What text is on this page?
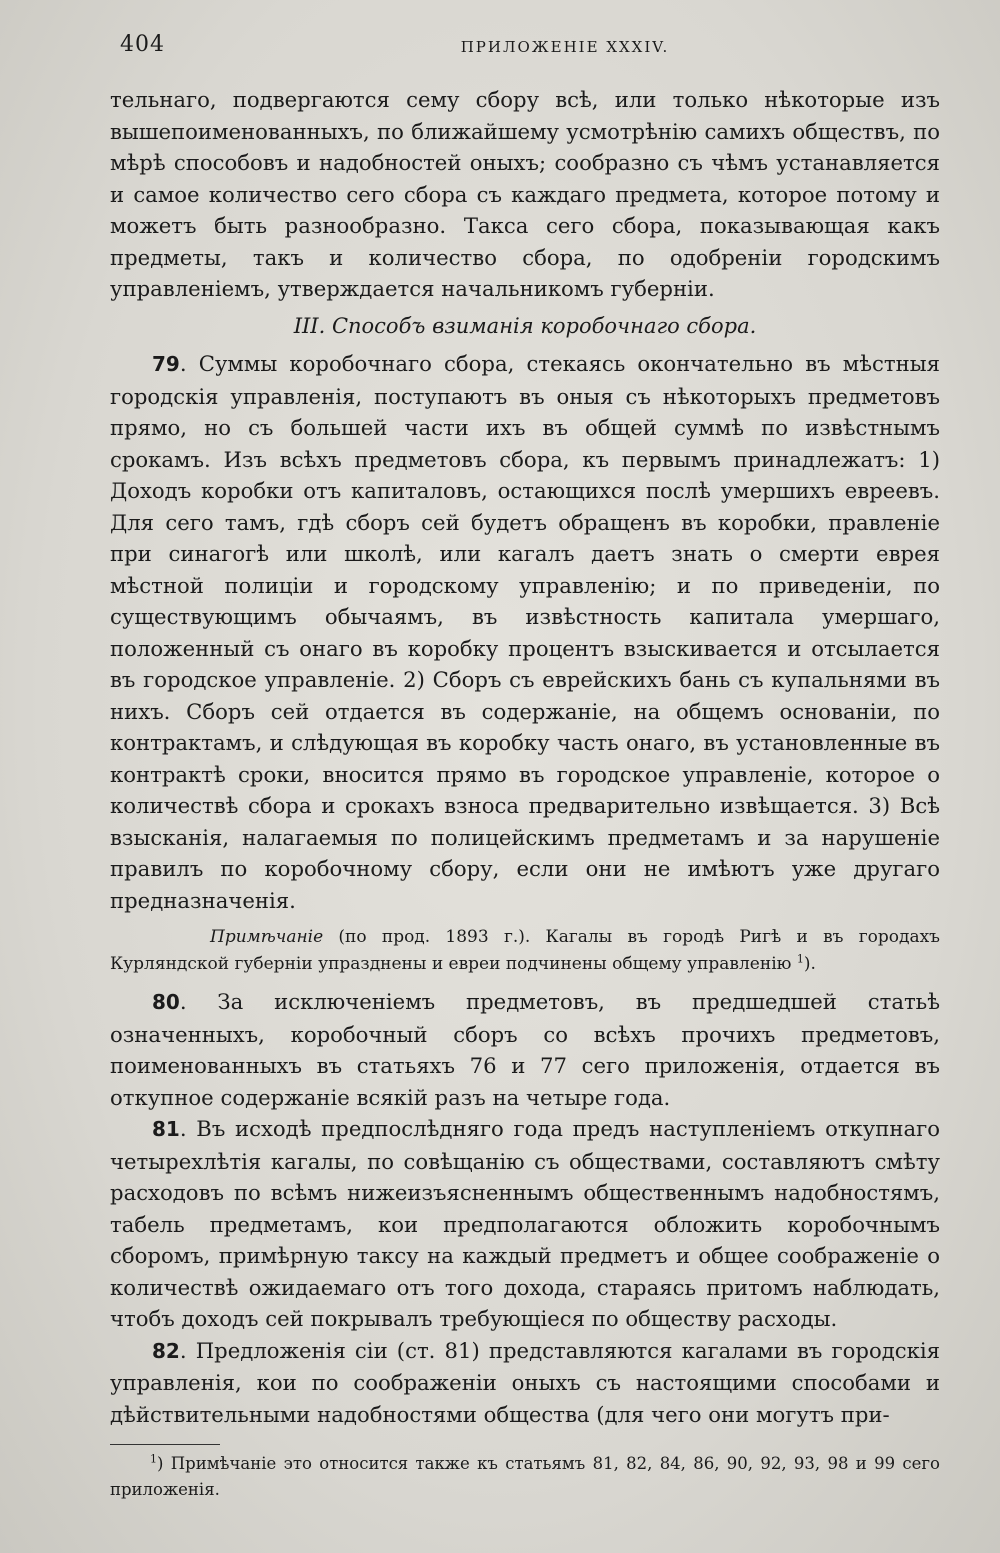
404	ПРИЛОЖЕНІЕ XXXIV.

тельнаго, подвергаются сему сбору всѣ, или только нѣкоторые изъ вышепоименованныхъ, по ближайшему усмотрѣнію самихъ обществъ, по мѣрѣ способовъ и надобностей оныхъ; сообразно съ чѣмъ устанавляется и самое количество сего сбора съ каждаго предмета, которое потому и можетъ быть разнообразно. Такса сего сбора, показывающая какъ предметы, такъ и количество сбора, по одобреніи городскимъ управленіемъ, утверждается начальникомъ губерніи.

III. Способъ взиманія коробочнаго сбора.

79. Суммы коробочнаго сбора, стекаясь окончательно въ мѣстныя городскія управленія, поступаютъ въ оныя съ нѣкоторыхъ предметовъ прямо, но съ большей части ихъ въ общей суммѣ по извѣстнымъ срокамъ. Изъ всѣхъ предметовъ сбора, къ первымъ принадлежатъ: 1) Доходъ коробки отъ капиталовъ, остающихся послѣ умершихъ евреевъ. Для сего тамъ, гдѣ сборъ сей будетъ обращенъ въ коробки, правленіе при синагогѣ или школѣ, или кагалъ даетъ знать о смерти еврея мѣстной полиціи и городскому управленію; и по приведеніи, по существующимъ обычаямъ, въ извѣстность капитала умершаго, положенный съ онаго въ коробку процентъ взыскивается и отсылается въ городское управленіе. 2) Сборъ съ еврейскихъ бань съ купальнями въ нихъ. Сборъ сей отдается въ содержаніе, на общемъ основаніи, по контрактамъ, и слѣдующая въ коробку часть онаго, въ установленные въ контрактѣ сроки, вносится прямо въ городское управленіе, которое о количествѣ сбора и срокахъ взноса предварительно извѣщается. 3) Всѣ взысканія, налагаемыя по полицейскимъ предметамъ и за нарушеніе правилъ по коробочному сбору, если они не имѣютъ уже другаго предназначенія.

Примѣчаніе (по прод. 1893 г.). Кагалы въ городѣ Ригѣ и въ городахъ Курляндской губерніи упразднены и евреи подчинены общему управленію $^1$).

80. За исключеніемъ предметовъ, въ предшедшей статьѣ означенныхъ, коробочный сборъ со всѣхъ прочихъ предметовъ, поименованныхъ въ статьяхъ 76 и 77 сего приложенія, отдается въ откупное содержаніе всякій разъ на четыре года.

81. Въ исходѣ предпослѣдняго года предъ наступленіемъ откупнаго четырехлѣтія кагалы, по совѣщанію съ обществами, составляютъ смѣту расходовъ по всѣмъ нижеизъясненнымъ общественнымъ надобностямъ, табель предметамъ, кои предполагаются обложить коробочнымъ сборомъ, примѣрную таксу на каждый предметъ и общее соображеніе о количествѣ ожидаемаго отъ того дохода, стараясь притомъ наблюдать, чтобъ доходъ сей покрывалъ требующіеся по обществу расходы.

82. Предложенія сіи (ст. 81) представляются кагалами въ городскія управленія, кои по соображеніи оныхъ съ настоящими способами и дѣйствительными надобностями общества (для чего они могутъ при-

$^1$) Примѣчаніе это относится также къ статьямъ 81, 82, 84, 86, 90, 92, 93, 98 и 99 сего приложенія.
